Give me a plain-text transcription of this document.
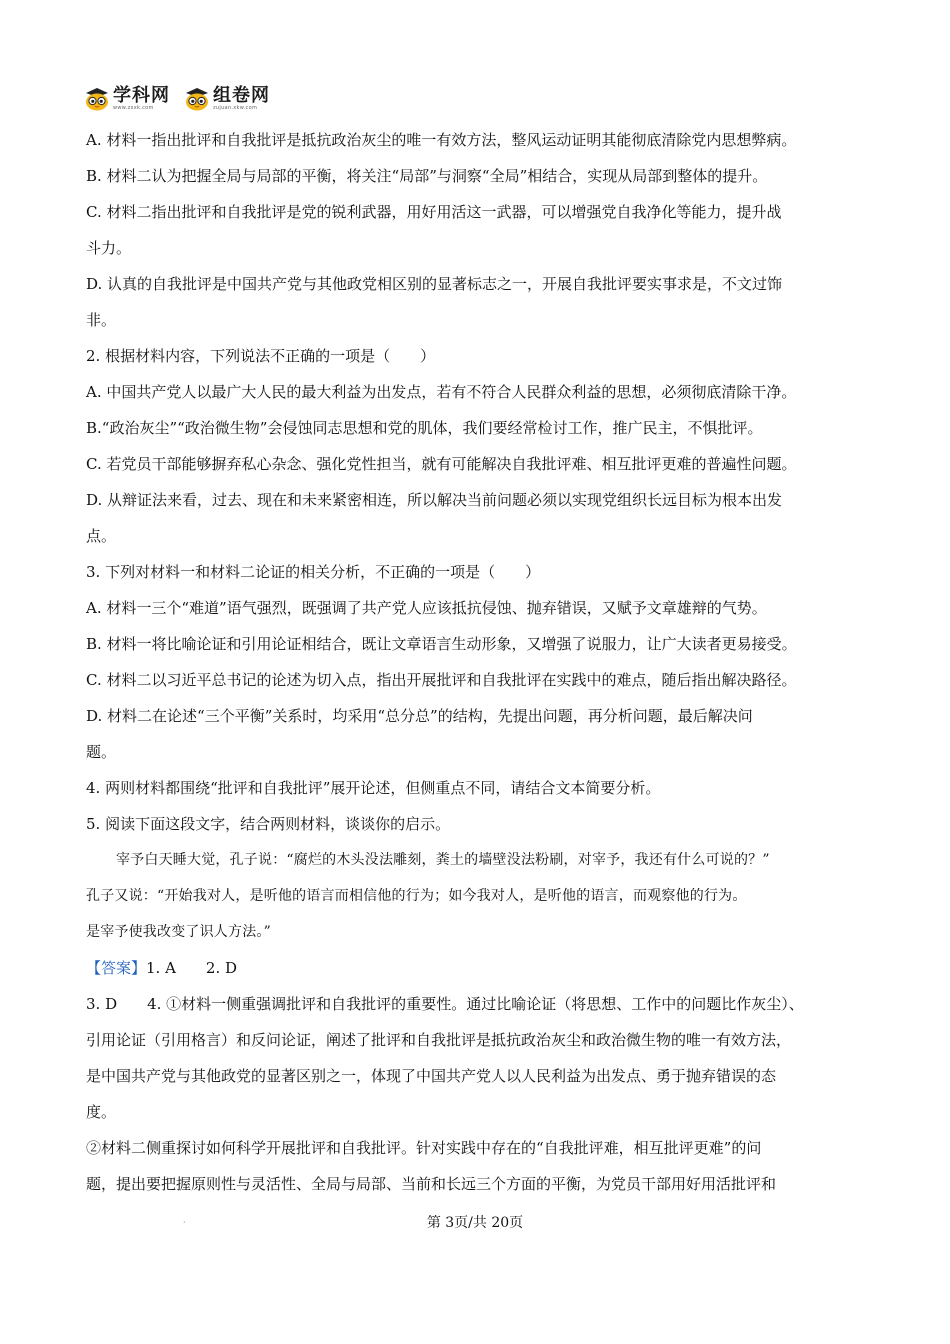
学科网
www.zxxk.com
组卷网
zujuan.xkw.com
A. 材料一指出批评和自我批评是抵抗政治灰尘的唯一有效方法，整风运动证明其能彻底清除党内思想弊病。
B. 材料二认为把握全局与局部的平衡，将关注“局部”与洞察“全局”相结合，实现从局部到整体的提升。
C. 材料二指出批评和自我批评是党的锐利武器，用好用活这一武器，可以增强党自我净化等能力，提升战
斗力。
D. 认真的自我批评是中国共产党与其他政党相区别的显著标志之一，开展自我批评要实事求是，不文过饰
非。
2. 根据材料内容，下列说法不正确的一项是（　　）
A. 中国共产党人以最广大人民的最大利益为出发点，若有不符合人民群众利益的思想，必须彻底清除干净。
B.“政治灰尘”“政治微生物”会侵蚀同志思想和党的肌体，我们要经常检讨工作，推广民主，不惧批评。
C. 若党员干部能够摒弃私心杂念、强化党性担当，就有可能解决自我批评难、相互批评更难的普遍性问题。
D. 从辩证法来看，过去、现在和未来紧密相连，所以解决当前问题必须以实现党组织长远目标为根本出发
点。
3. 下列对材料一和材料二论证的相关分析，不正确的一项是（　　）
A. 材料一三个“难道”语气强烈，既强调了共产党人应该抵抗侵蚀、抛弃错误，又赋予文章雄辩的气势。
B. 材料一将比喻论证和引用论证相结合，既让文章语言生动形象，又增强了说服力，让广大读者更易接受。
C. 材料二以习近平总书记的论述为切入点，指出开展批评和自我批评在实践中的难点，随后指出解决路径。
D. 材料二在论述“三个平衡”关系时，均采用“总分总”的结构，先提出问题，再分析问题，最后解决问
题。
4. 两则材料都围绕“批评和自我批评”展开论述，但侧重点不同，请结合文本简要分析。
5. 阅读下面这段文字，结合两则材料，谈谈你的启示。
宰予白天睡大觉，孔子说：“腐烂的木头没法雕刻，粪土的墙壁没法粉刷，对宰予，我还有什么可说的？”
孔子又说：“开始我对人，是听他的语言而相信他的行为；如今我对人，是听他的语言，而观察他的行为。
是宰予使我改变了识人方法。”
【答案】1. A　　2. D
3. D　　4. ①材料一侧重强调批评和自我批评的重要性。通过比喻论证（将思想、工作中的问题比作灰尘）、
引用论证（引用格言）和反问论证，阐述了批评和自我批评是抵抗政治灰尘和政治微生物的唯一有效方法，
是中国共产党与其他政党的显著区别之一，体现了中国共产党人以人民利益为出发点、勇于抛弃错误的态
度。
②材料二侧重探讨如何科学开展批评和自我批评。针对实践中存在的“自我批评难，相互批评更难”的问
题，提出要把握原则性与灵活性、全局与局部、当前和长远三个方面的平衡，为党员干部用好用活批评和
·	第 3页/共 20页
